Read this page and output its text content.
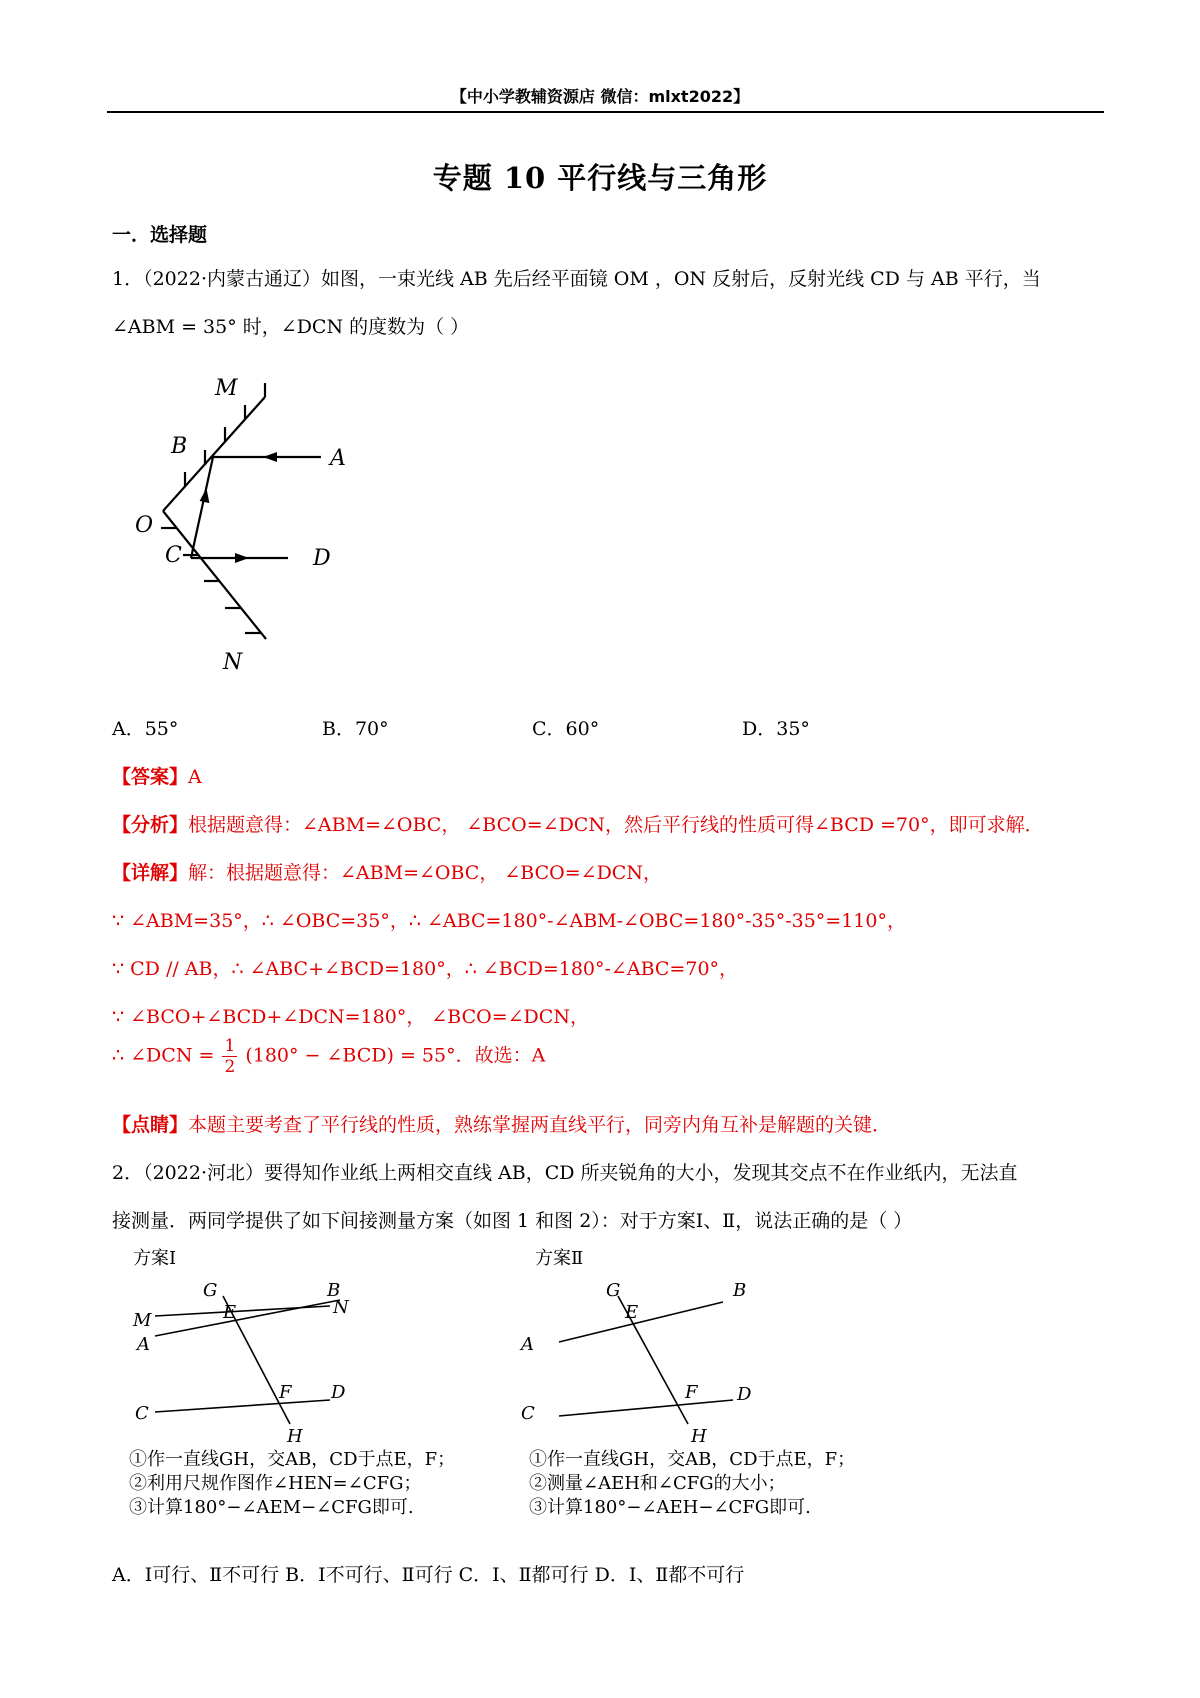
【中小学教辅资源店 微信：mlxt2022】
专题 10 平行线与三角形
一．选择题
1．（2022·内蒙古通辽）如图，一束光线 AB 先后经平面镜 OM ，ON 反射后，反射光线 CD 与 AB 平行，当
∠ABM = 35° 时，∠DCN 的度数为（ ）
M
B	A
O
C	D
N
A．55°	B．70°	C．60°	D．35°
【答案】A
【分析】根据题意得：∠ABM=∠OBC， ∠BCO=∠DCN，然后平行线的性质可得∠BCD =70°，即可求解．
【详解】解：根据题意得：∠ABM=∠OBC， ∠BCO=∠DCN，
∵ ∠ABM=35°，∴ ∠OBC=35°，∴ ∠ABC=180°-∠ABM-∠OBC=180°-35°-35°=110°，
∵ CD // AB，∴ ∠ABC+∠BCD=180°，∴ ∠BCD=180°-∠ABC=70°，
∵ ∠BCO+∠BCD+∠DCN=180°， ∠BCO=∠DCN，
∴ ∠DCN = $\frac{1}{2} (180^\circ$ − ∠BCD) = 55°．故选：A
【点睛】本题主要考查了平行线的性质，熟练掌握两直线平行，同旁内角互补是解题的关键．
2．（2022·河北）要得知作业纸上两相交直线 AB，CD 所夹锐角的大小，发现其交点不在作业纸内，无法直
接测量．两同学提供了如下间接测量方案（如图 1 和图 2）：对于方案Ⅰ、Ⅱ，说法正确的是（ ）
方案Ⅰ
G	B
E
M
N
A
F D
C
H
①作一直线GH，交AB，CD于点E，F；
②利用尺规作图作∠HEN=∠CFG；
③计算180°−∠AEM−∠CFG即可.
方案Ⅱ
G	B
E
A
F D
C
H
①作一直线GH，交AB，CD于点E，F；
②测量∠AEH和∠CFG的大小；
③计算180°−∠AEH−∠CFG即可.
A．Ⅰ可行、Ⅱ不可行 B．Ⅰ不可行、Ⅱ可行 C．Ⅰ、Ⅱ都可行 D．Ⅰ、Ⅱ都不可行
